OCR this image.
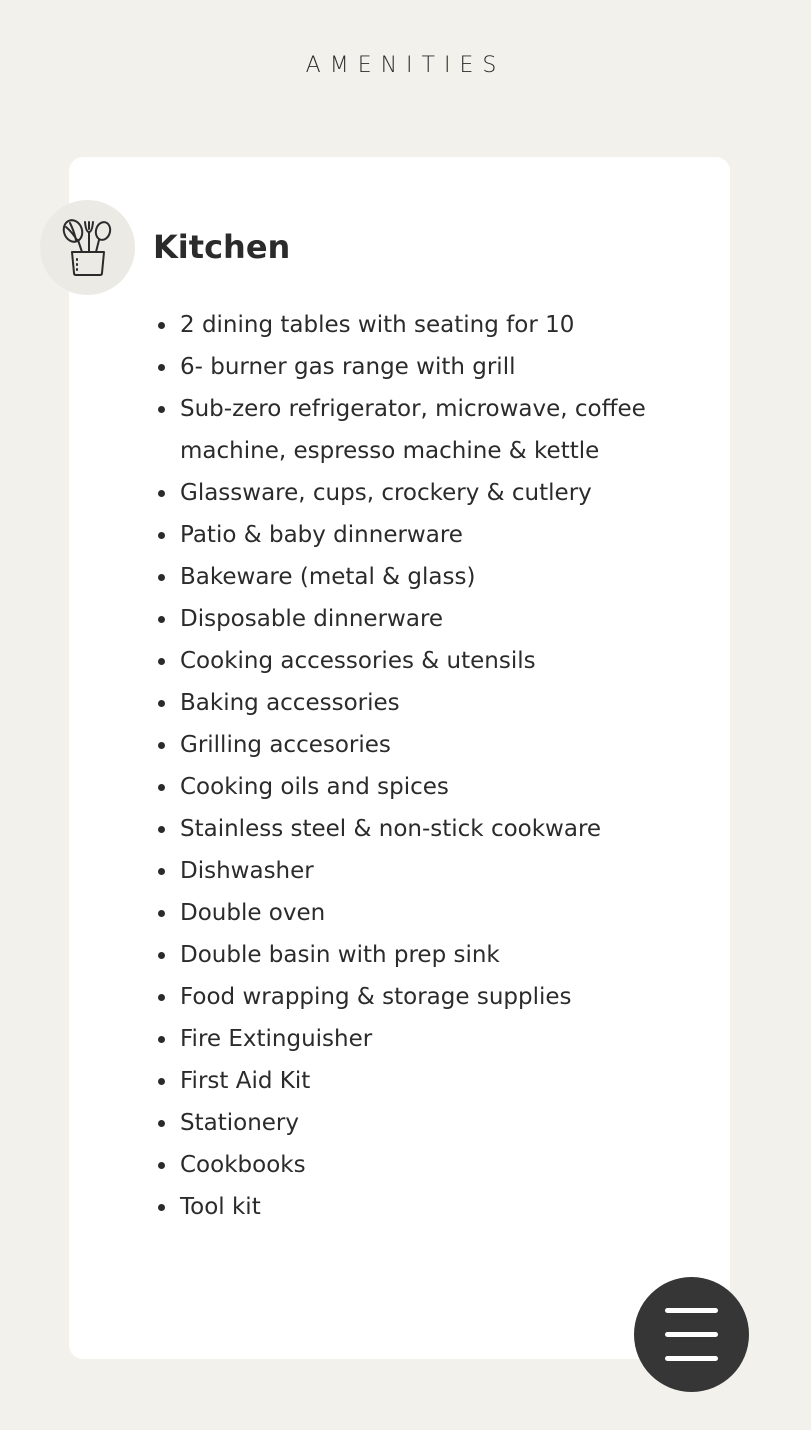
AMENITIES
Kitchen
2 dining tables with seating for 10
6- burner gas range with grill
Sub-zero refrigerator, microwave, coffee machine, espresso machine & kettle
Glassware, cups, crockery & cutlery
Patio & baby dinnerware
Bakeware (metal & glass)
Disposable dinnerware
Cooking accessories & utensils
Baking accessories
Grilling accesories
Cooking oils and spices
Stainless steel & non-stick cookware
Dishwasher
Double oven
Double basin with prep sink
Food wrapping & storage supplies
Fire Extinguisher
First Aid Kit
Stationery
Cookbooks
Tool kit
